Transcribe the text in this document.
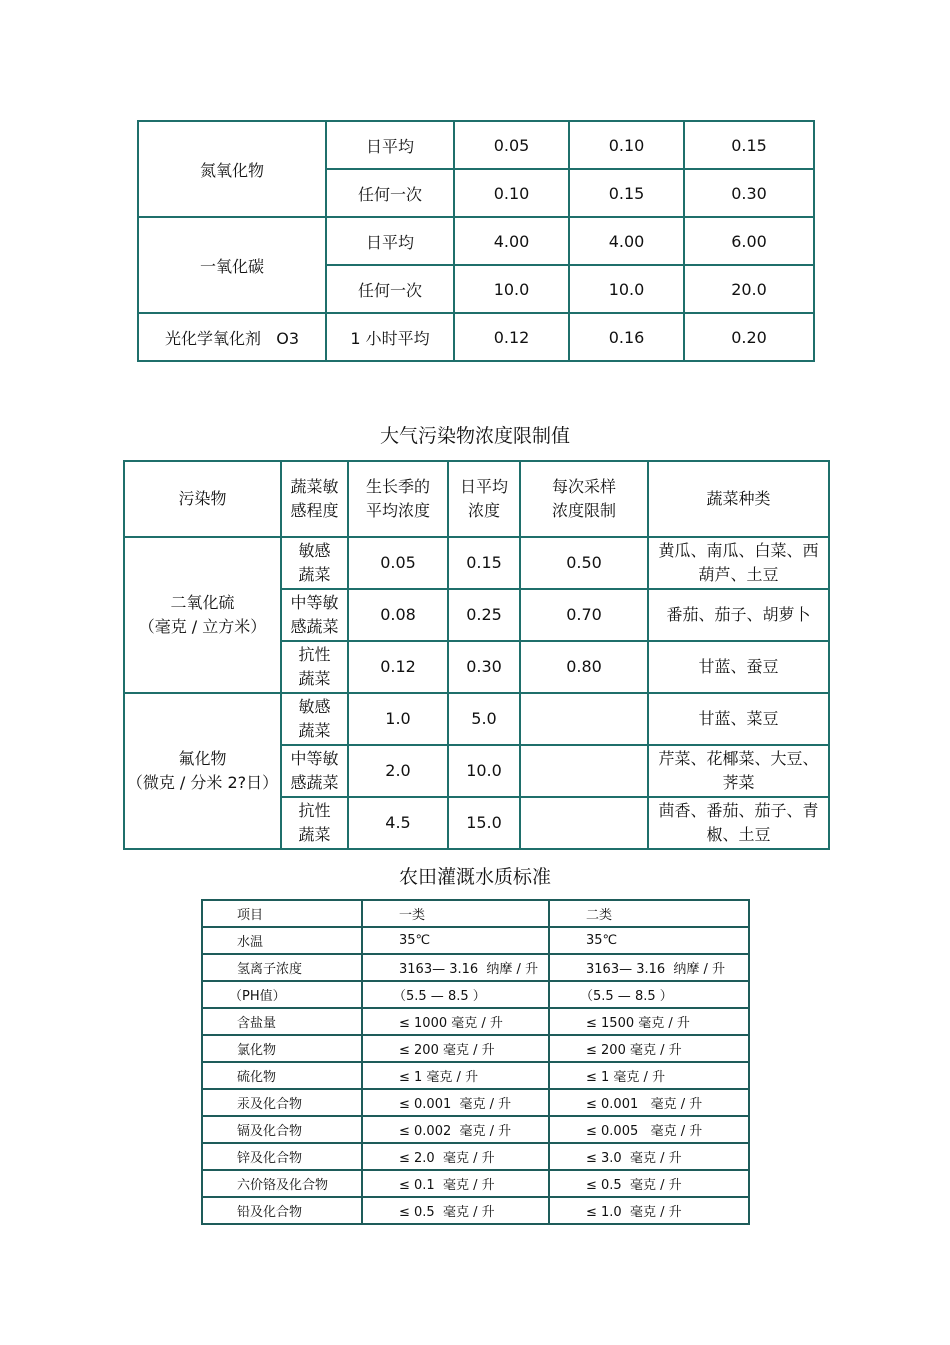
氮氧化物	日平均	0.05	0.10	0.15
	任何一次	0.10	0.15	0.30
一氧化碳	日平均	4.00	4.00	6.00
	任何一次	10.0	10.0	20.0
光化学氧化剂   O3	1 小时平均	0.12	0.16	0.20
大气污染物浓度限制值
污染物	蔬菜敏感程度	生长季的平均浓度	日平均浓度	每次采样浓度限制	蔬菜种类

二氧化硫
（毫克 / 立方米）	敏感蔬菜	0.05	0.15	0.50	黄瓜、南瓜、白菜、西葫芦、土豆
	中等敏感蔬菜	0.08	0.25	0.70	番茄、茄子、胡萝卜
	抗性蔬菜	0.12	0.30	0.80	甘蓝、蚕豆

氟化物
（微克 / 分米 2?日）	敏感蔬菜	1.0	5.0		甘蓝、菜豆
	中等敏感蔬菜	2.0	10.0		芹菜、花椰菜、大豆、荠菜
	抗性蔬菜	4.5	15.0		茴香、番茄、茄子、青椒、土豆
农田灌溉水质标准
项目	一类	二类
水温	35℃	35℃
氢离子浓度	3163— 3.16  纳摩 / 升	3163— 3.16  纳摩 / 升
（PH值）	（5.5 — 8.5 ）	（5.5 — 8.5 ）
含盐量	≤ 1000 毫克 / 升	≤ 1500 毫克 / 升
氯化物	≤ 200 毫克 / 升	≤ 200 毫克 / 升
硫化物	≤ 1 毫克 / 升	≤ 1 毫克 / 升
汞及化合物	≤ 0.001  毫克 / 升	≤ 0.001   毫克 / 升
镉及化合物	≤ 0.002  毫克 / 升	≤ 0.005   毫克 / 升
锌及化合物	≤ 2.0  毫克 / 升	≤ 3.0  毫克 / 升
六价铬及化合物	≤ 0.1  毫克 / 升	≤ 0.5  毫克 / 升
铅及化合物	≤ 0.5  毫克 / 升	≤ 1.0  毫克 / 升
